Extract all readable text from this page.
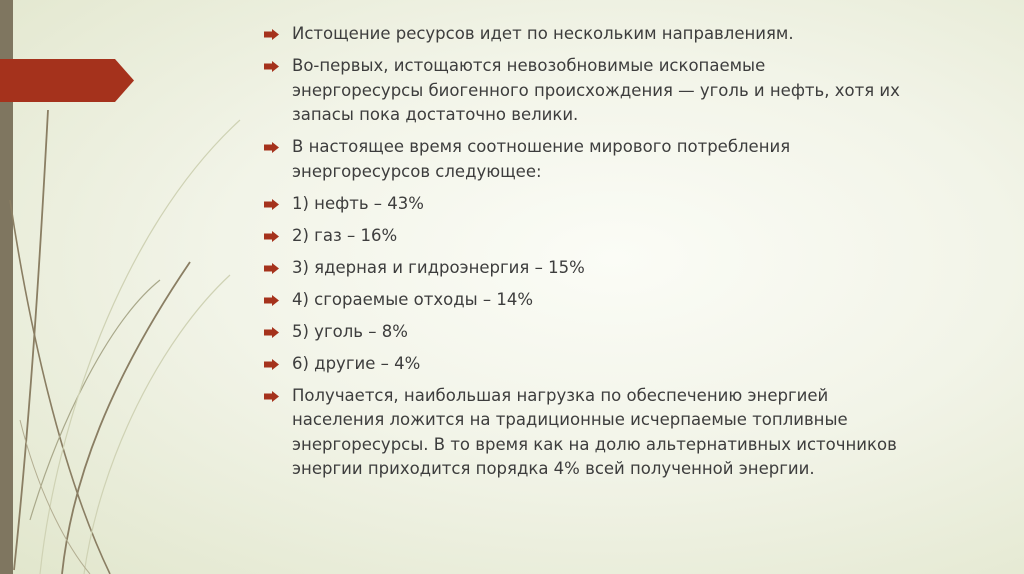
Истощение ресурсов идет по нескольким направлениям.
Во-первых, истощаются невозобновимые ископаемые
энергоресурсы биогенного происхождения — уголь и нефть, хотя их
запасы пока достаточно велики.
В настоящее время соотношение мирового потребления
энергоресурсов следующее:
1) нефть – 43%
2) газ – 16%
3) ядерная и гидроэнергия – 15%
4) сгораемые отходы – 14%
5) уголь – 8%
6) другие – 4%
Получается, наибольшая нагрузка по обеспечению энергией
населения ложится на традиционные исчерпаемые топливные
энергоресурсы. В то время как на долю альтернативных источников
энергии приходится порядка 4% всей полученной энергии.
